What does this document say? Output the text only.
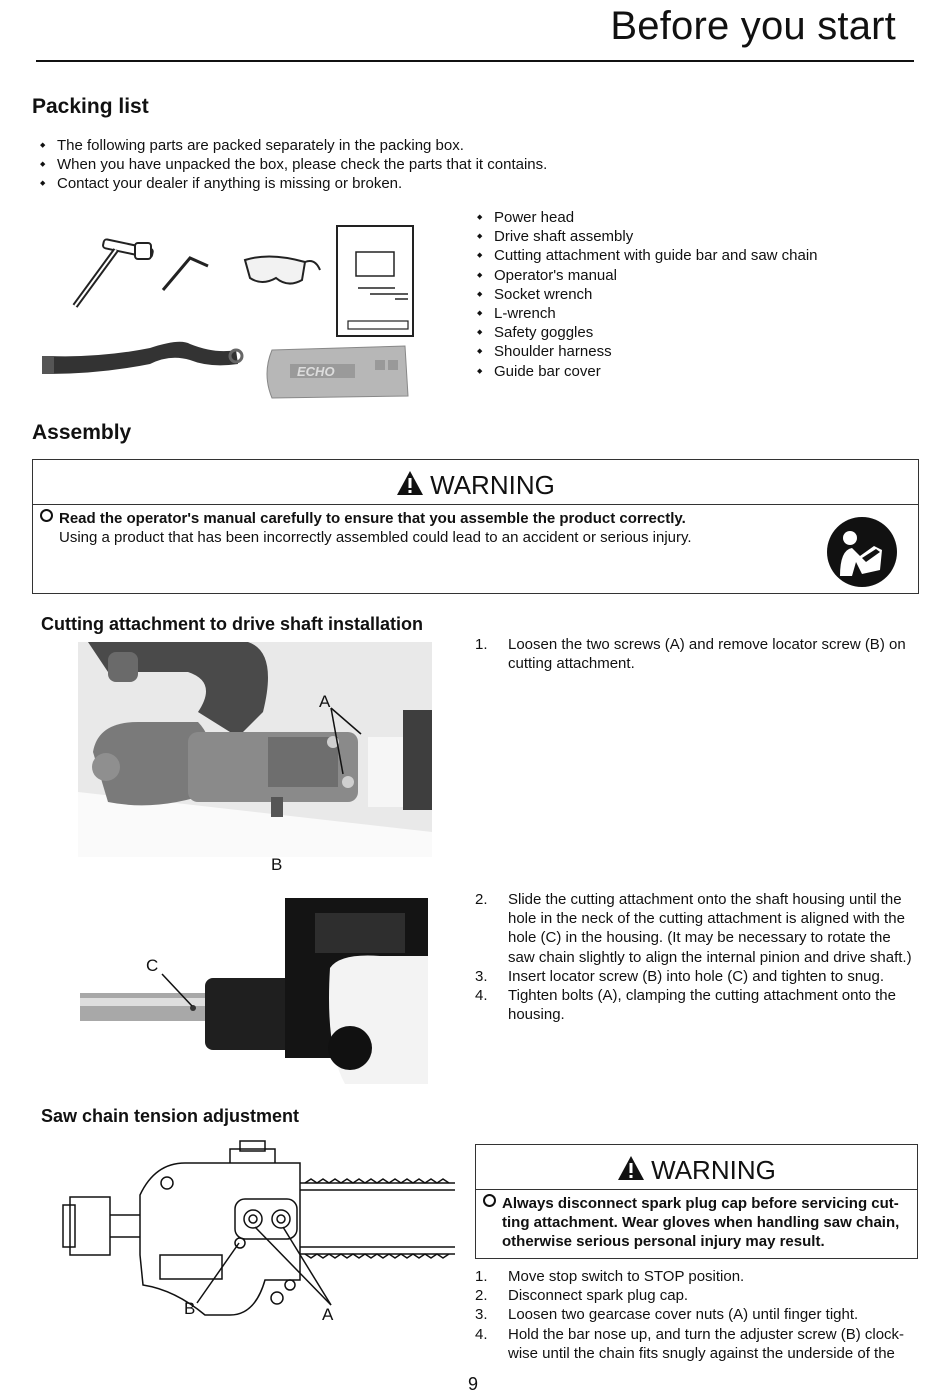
Before you start
Packing list
◆ The following parts are packed separately in the packing box.
◆ When you have unpacked the box, please check the parts that it contains.
◆ Contact your dealer if anything is missing or broken.
ECHO
◆ Power head
◆ Drive shaft assembly
◆ Cutting attachment with guide bar and saw chain
◆ Operator's manual
◆ Socket wrench
◆ L-wrench
◆ Safety goggles
◆ Shoulder harness
◆ Guide bar cover
Assembly
WARNING
Read the operator's manual carefully to ensure that you assemble the product correctly.
Using a product that has been incorrectly assembled could lead to an accident or serious injury.
Cutting attachment to drive shaft installation
A
B
1. Loosen the two screws (A) and remove locator screw (B) on cutting attachment.
C
2. Slide the cutting attachment onto the shaft housing until the hole in the neck of the cutting attachment is aligned with the hole (C) in the housing. (It may be necessary to rotate the saw chain slightly to align the internal pinion and drive shaft.)
3. Insert locator screw (B) into hole (C) and tighten to snug.
4. Tighten bolts (A), clamping the cutting attachment onto the housing.
Saw chain tension adjustment
B	A
WARNING
Always disconnect spark plug cap before servicing cut-ting attachment. Wear gloves when handling saw chain, otherwise serious personal injury may result.
1. Move stop switch to STOP position.
2. Disconnect spark plug cap.
3. Loosen two gearcase cover nuts (A) until finger tight.
4. Hold the bar nose up, and turn the adjuster screw (B) clock-wise until the chain fits snugly against the underside of the
9
